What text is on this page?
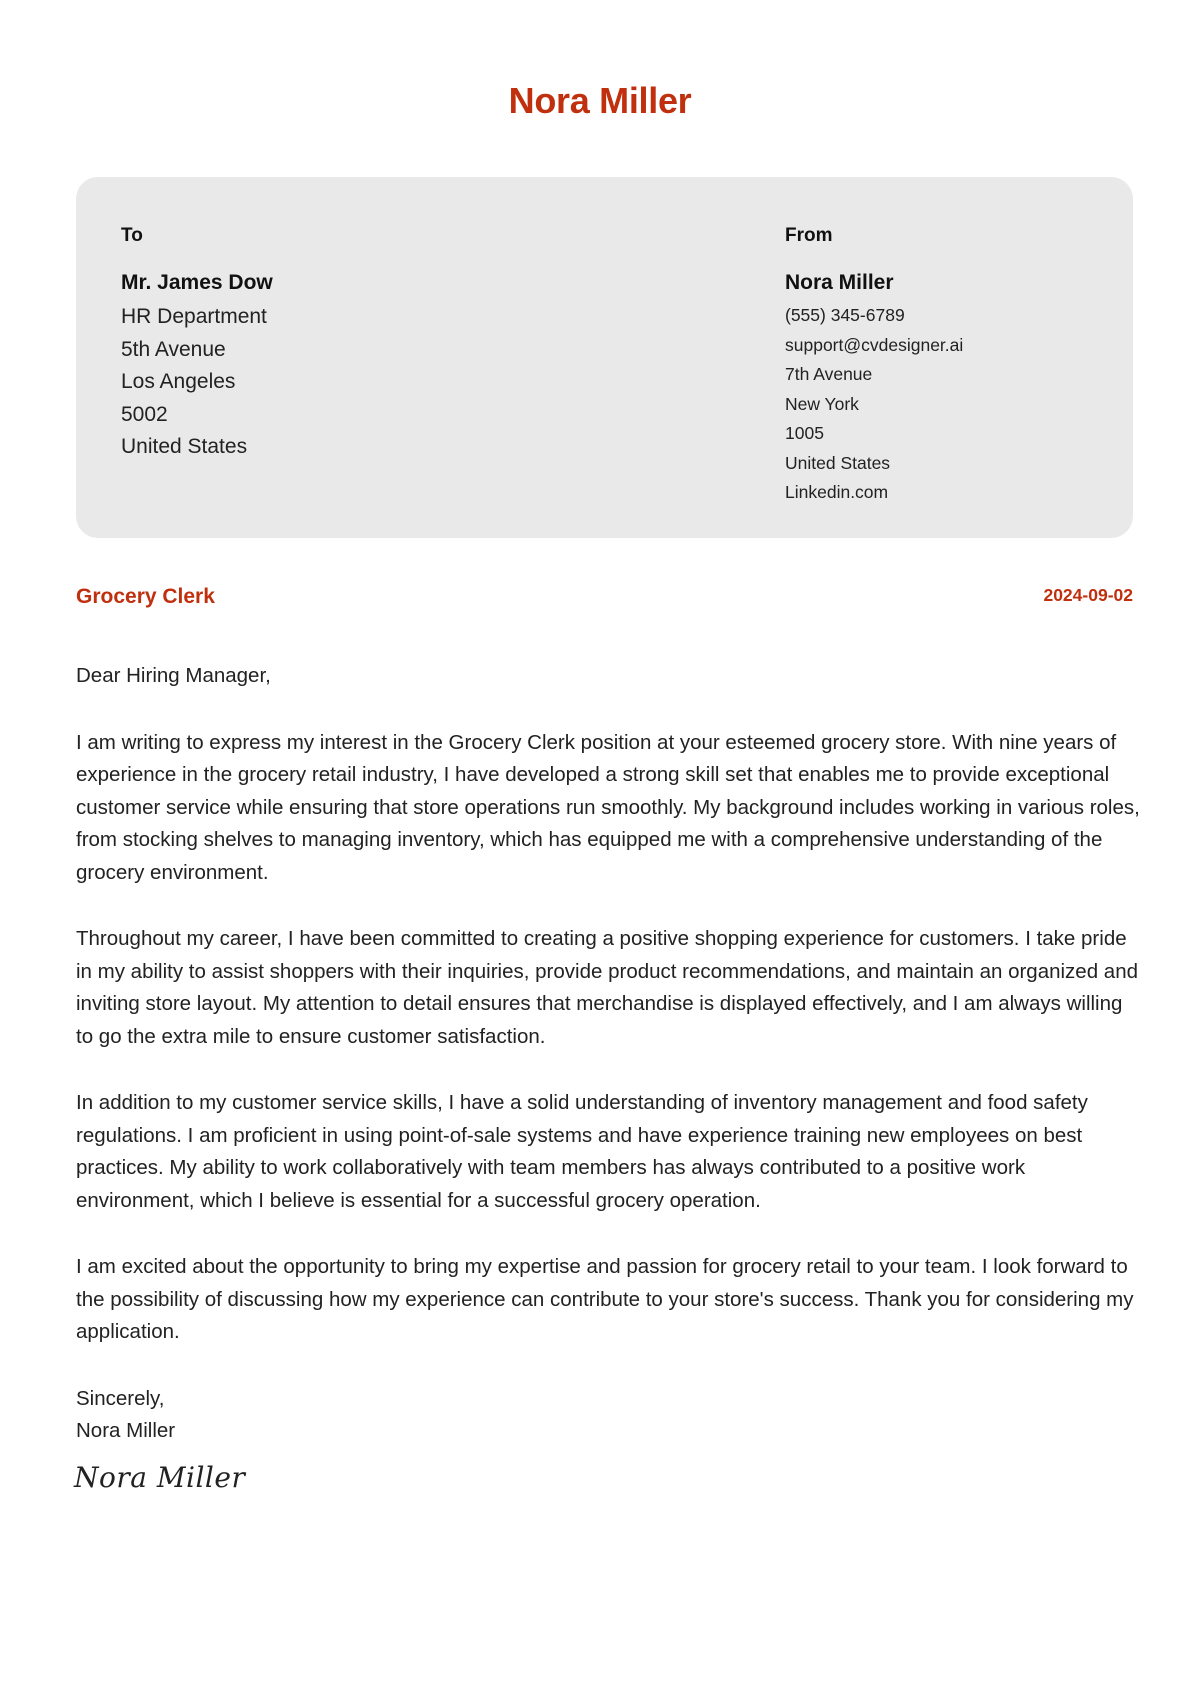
Nora Miller
To
Mr. James Dow
HR Department
5th Avenue
Los Angeles
5002
United States
From
Nora Miller
(555) 345-6789
support@cvdesigner.ai
7th Avenue
New York
1005
United States
Linkedin.com
Grocery Clerk	2024-09-02

Dear Hiring Manager,

I am writing to express my interest in the Grocery Clerk position at your esteemed grocery store. With nine years of experience in the grocery retail industry, I have developed a strong skill set that enables me to provide exceptional customer service while ensuring that store operations run smoothly. My background includes working in various roles, from stocking shelves to managing inventory, which has equipped me with a comprehensive understanding of the grocery environment.

Throughout my career, I have been committed to creating a positive shopping experience for customers. I take pride in my ability to assist shoppers with their inquiries, provide product recommendations, and maintain an organized and inviting store layout. My attention to detail ensures that merchandise is displayed effectively, and I am always willing to go the extra mile to ensure customer satisfaction.

In addition to my customer service skills, I have a solid understanding of inventory management and food safety regulations. I am proficient in using point-of-sale systems and have experience training new employees on best practices. My ability to work collaboratively with team members has always contributed to a positive work environment, which I believe is essential for a successful grocery operation.

I am excited about the opportunity to bring my expertise and passion for grocery retail to your team. I look forward to the possibility of discussing how my experience can contribute to your store's success. Thank you for considering my application.

Sincerely,
Nora Miller
Nora Miller
